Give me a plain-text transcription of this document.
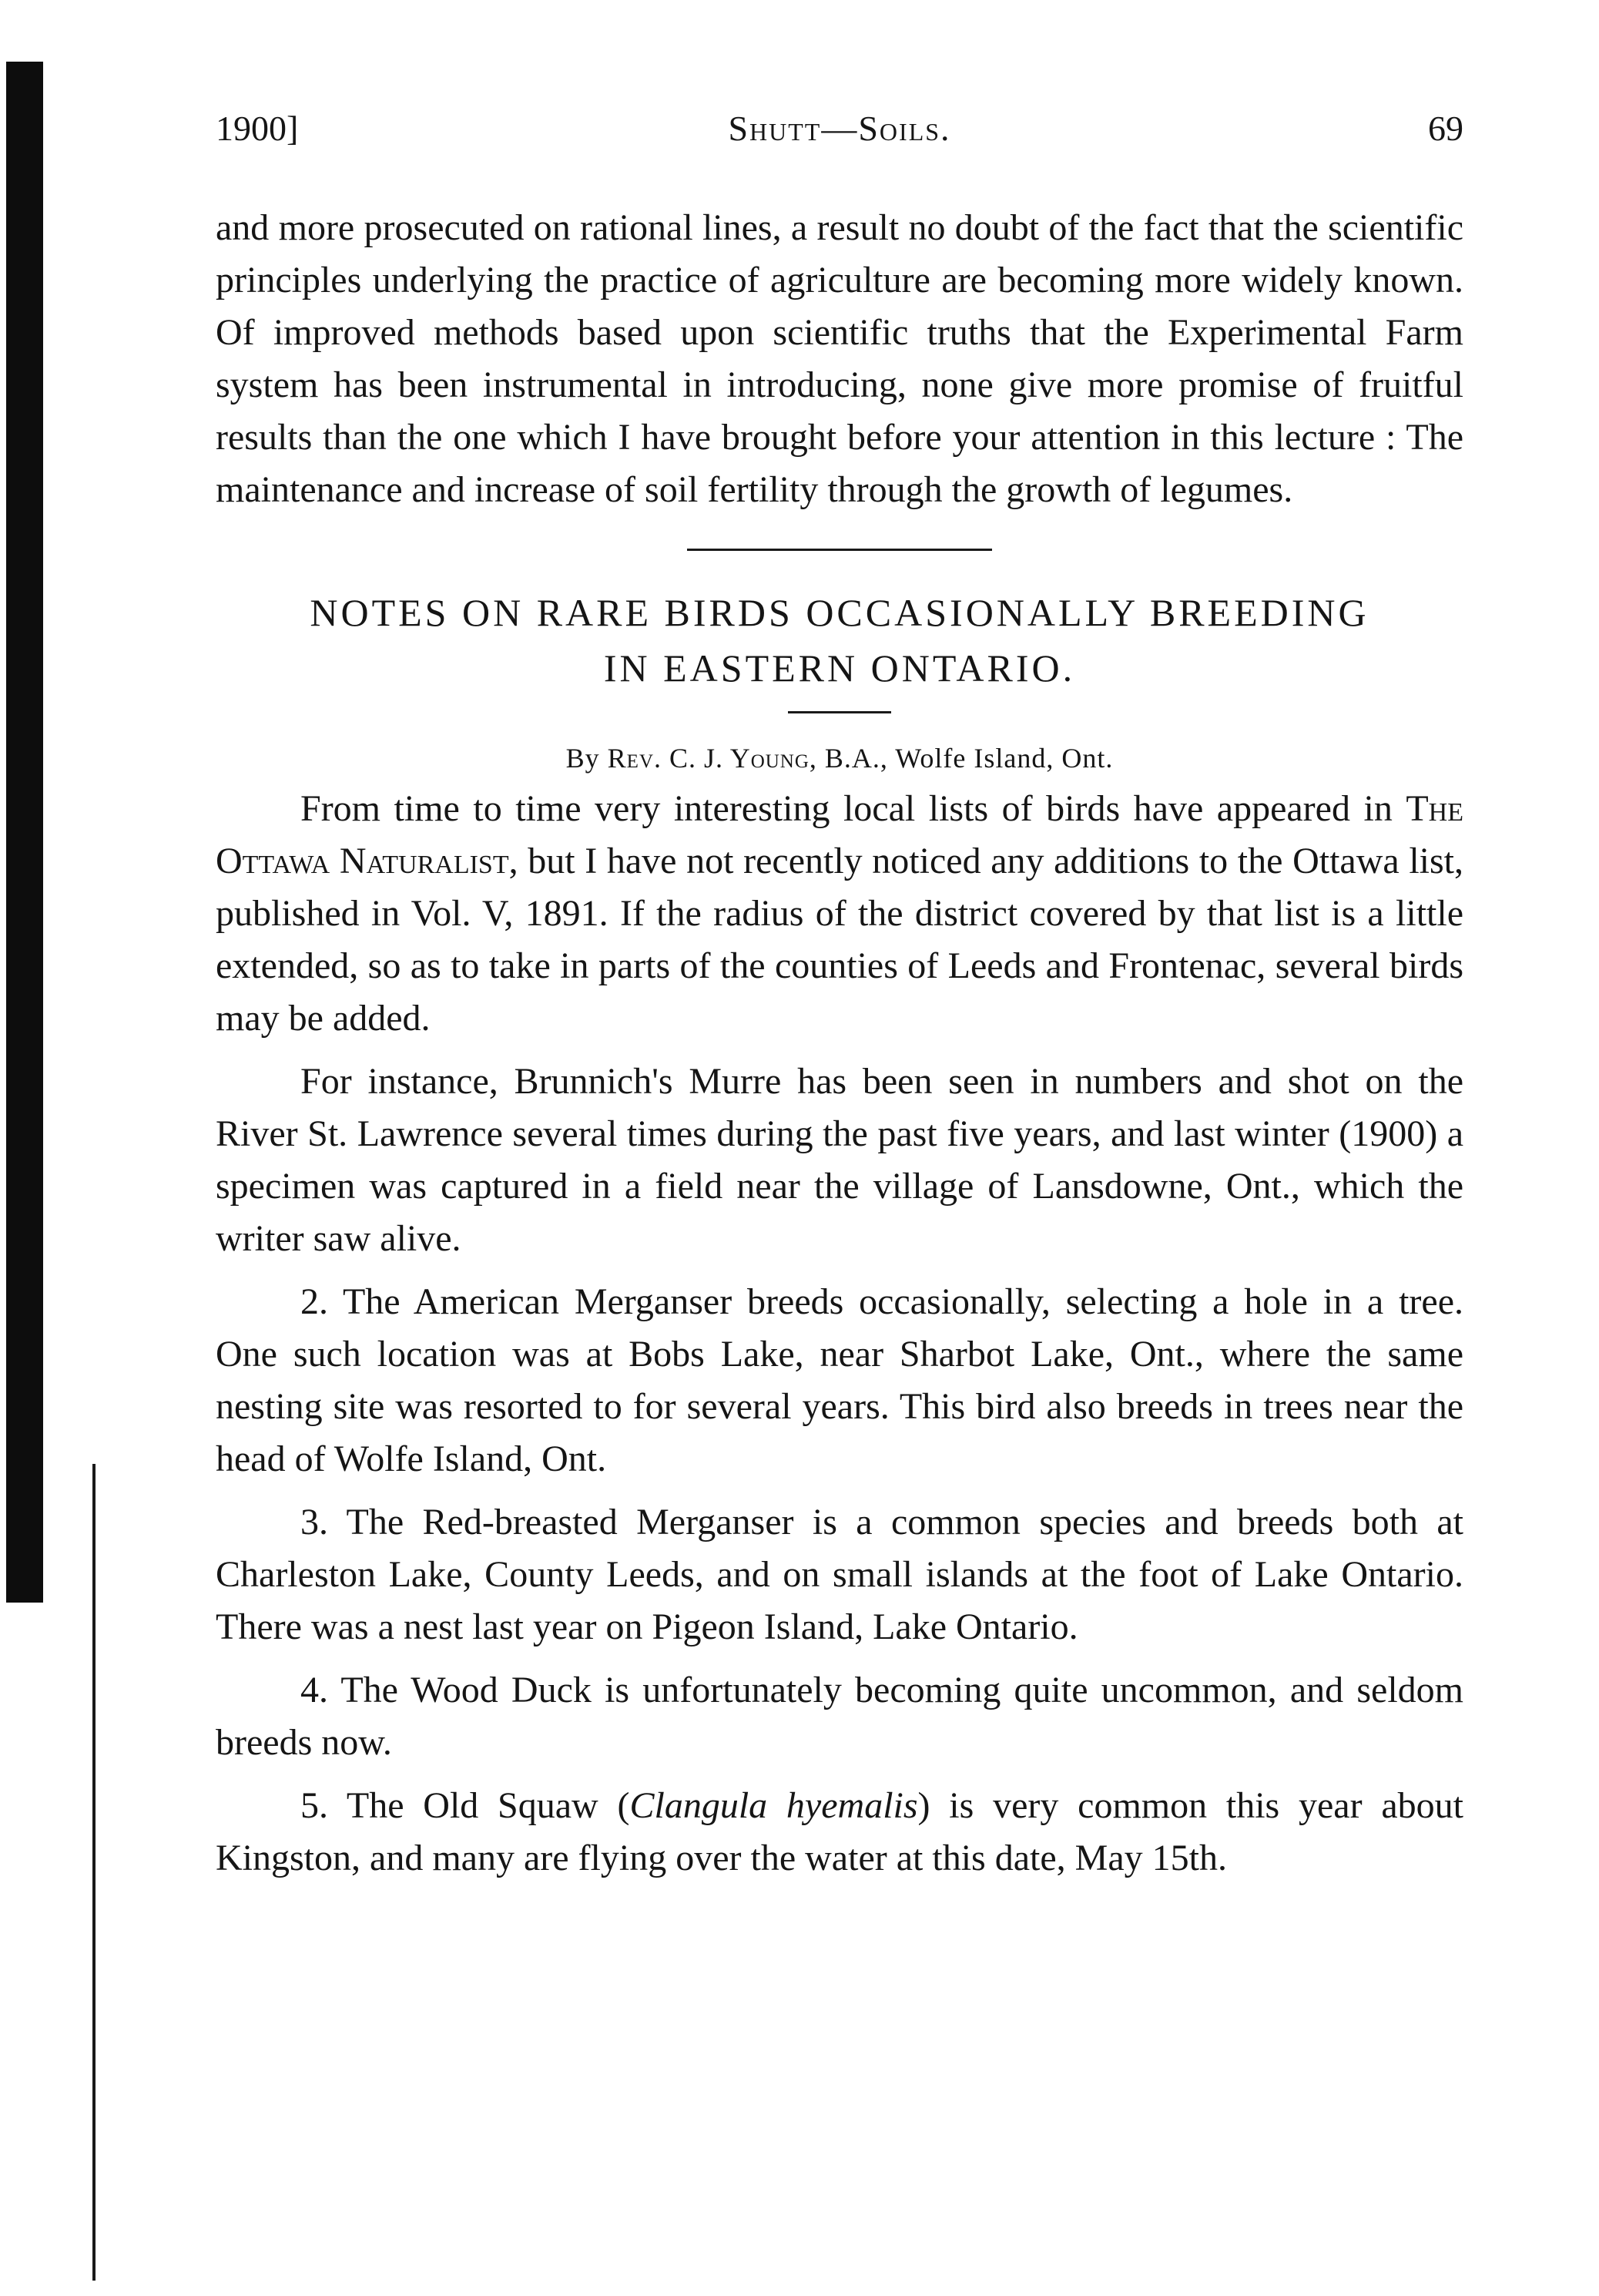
1900]	Shutt—Soils.	69

and more prosecuted on rational lines, a result no doubt of the fact that the scientific principles underlying the practice of agriculture are becoming more widely known. Of improved methods based upon scientific truths that the Experimental Farm system has been instrumental in introducing, none give more promise of fruitful results than the one which I have brought before your attention in this lecture : The maintenance and increase of soil fertility through the growth of legumes.

NOTES ON RARE BIRDS OCCASIONALLY BREEDING

IN EASTERN ONTARIO.

By Rev. C. J. Young, B.A., Wolfe Island, Ont.

From time to time very interesting local lists of birds have appeared in The Ottawa Naturalist, but I have not recently noticed any additions to the Ottawa list, published in Vol. V, 1891. If the radius of the district covered by that list is a little extended, so as to take in parts of the counties of Leeds and Frontenac, several birds may be added.

For instance, Brunnich's Murre has been seen in numbers and shot on the River St. Lawrence several times during the past five years, and last winter (1900) a specimen was captured in a field near the village of Lansdowne, Ont., which the writer saw alive.

2. The American Merganser breeds occasionally, selecting a hole in a tree. One such location was at Bobs Lake, near Sharbot Lake, Ont., where the same nesting site was resorted to for several years. This bird also breeds in trees near the head of Wolfe Island, Ont.

3. The Red-breasted Merganser is a common species and breeds both at Charleston Lake, County Leeds, and on small islands at the foot of Lake Ontario. There was a nest last year on Pigeon Island, Lake Ontario.

4. The Wood Duck is unfortunately becoming quite uncommon, and seldom breeds now.

5. The Old Squaw (Clangula hyemalis) is very common this year about Kingston, and many are flying over the water at this date, May 15th.
